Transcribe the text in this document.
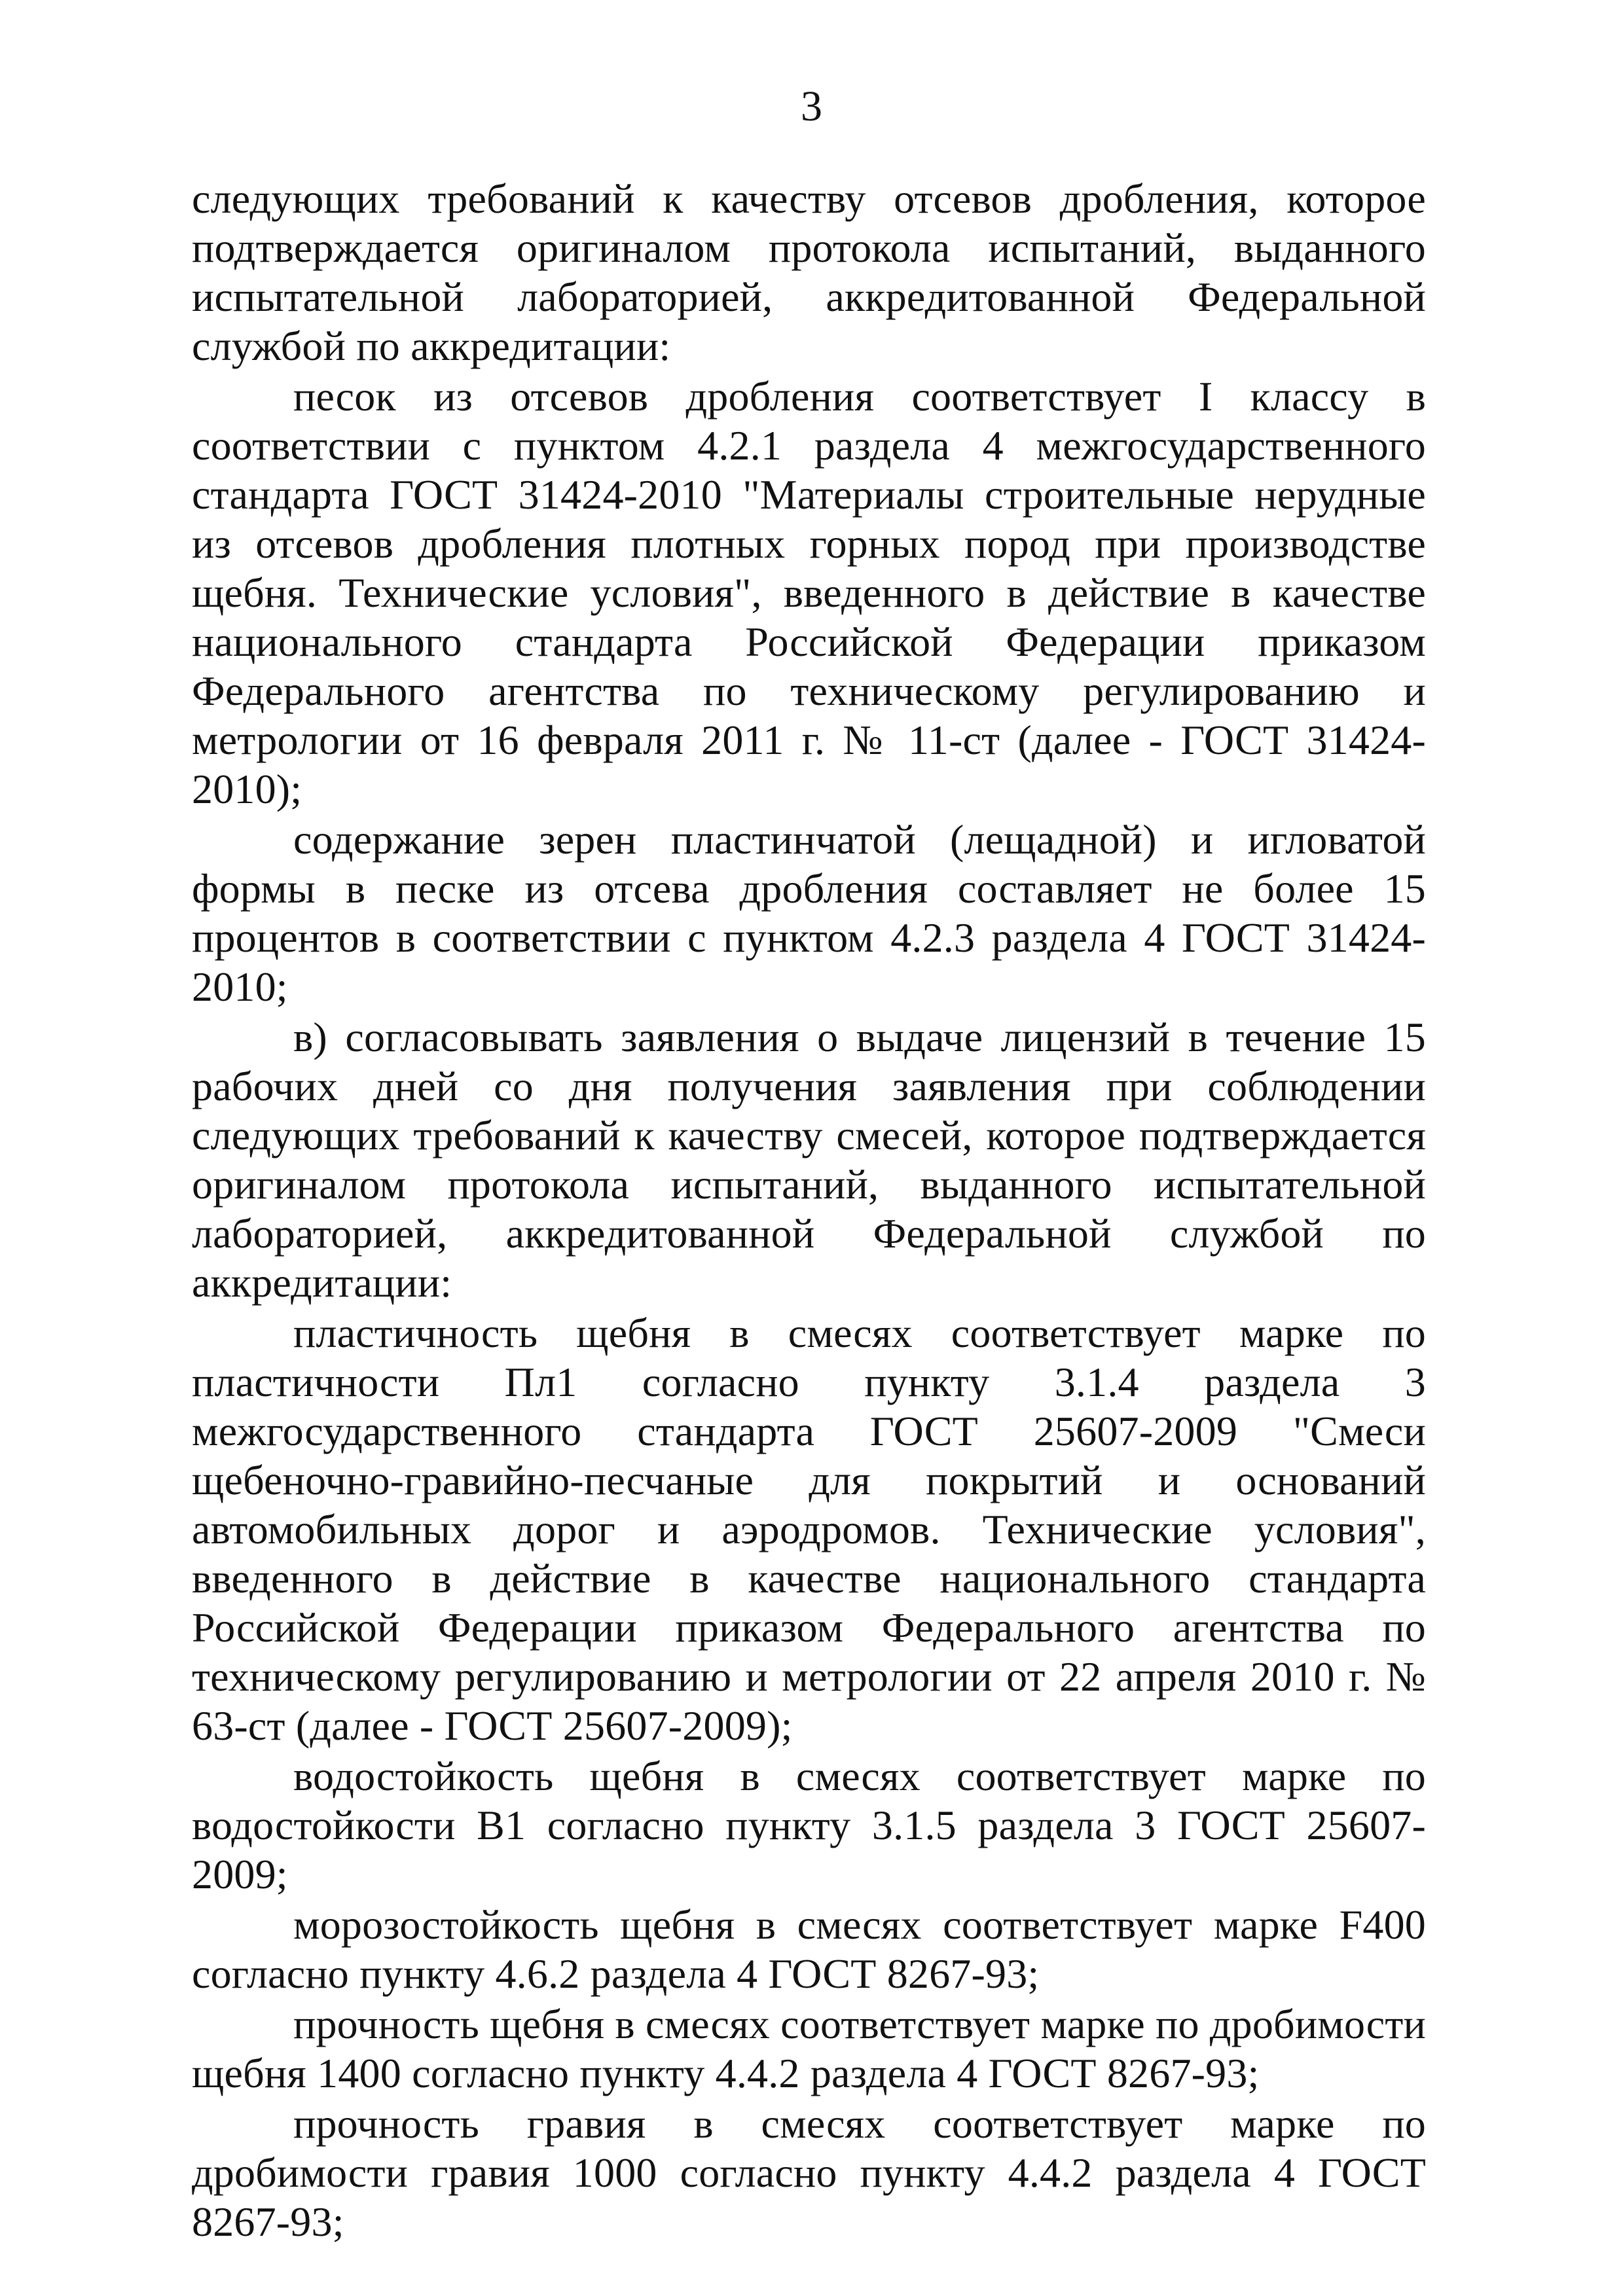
3

следующих требований к качеству отсевов дробления, которое подтверждается оригиналом протокола испытаний, выданного испытательной лабораторией, аккредитованной Федеральной службой по аккредитации:

песок из отсевов дробления соответствует I классу в соответствии с пунктом 4.2.1 раздела 4 межгосударственного стандарта ГОСТ 31424-2010 "Материалы строительные нерудные из отсевов дробления плотных горных пород при производстве щебня. Технические условия", введенного в действие в качестве национального стандарта Российской Федерации приказом Федерального агентства по техническому регулированию и метрологии от 16 февраля 2011 г. № 11-ст (далее - ГОСТ 31424-2010);

содержание зерен пластинчатой (лещадной) и игловатой формы в песке из отсева дробления составляет не более 15 процентов в соответствии с пунктом 4.2.3 раздела 4 ГОСТ 31424-2010;

в) согласовывать заявления о выдаче лицензий в течение 15 рабочих дней со дня получения заявления при соблюдении следующих требований к качеству смесей, которое подтверждается оригиналом протокола испытаний, выданного испытательной лабораторией, аккредитованной Федеральной службой по аккредитации:

пластичность щебня в смесях соответствует марке по пластичности Пл1 согласно пункту 3.1.4 раздела 3 межгосударственного стандарта ГОСТ 25607-2009 "Смеси щебеночно-гравийно-песчаные для покрытий и оснований автомобильных дорог и аэродромов. Технические условия", введенного в действие в качестве национального стандарта Российской Федерации приказом Федерального агентства по техническому регулированию и метрологии от 22 апреля 2010 г. № 63-ст (далее - ГОСТ 25607-2009);

водостойкость щебня в смесях соответствует марке по водостойкости В1 согласно пункту 3.1.5 раздела 3 ГОСТ 25607-2009;

морозостойкость щебня в смесях соответствует марке F400 согласно пункту 4.6.2 раздела 4 ГОСТ 8267-93;

прочность щебня в смесях соответствует марке по дробимости щебня 1400 согласно пункту 4.4.2 раздела 4 ГОСТ 8267-93;

прочность гравия в смесях соответствует марке по дробимости гравия 1000 согласно пункту 4.4.2 раздела 4 ГОСТ 8267-93;
